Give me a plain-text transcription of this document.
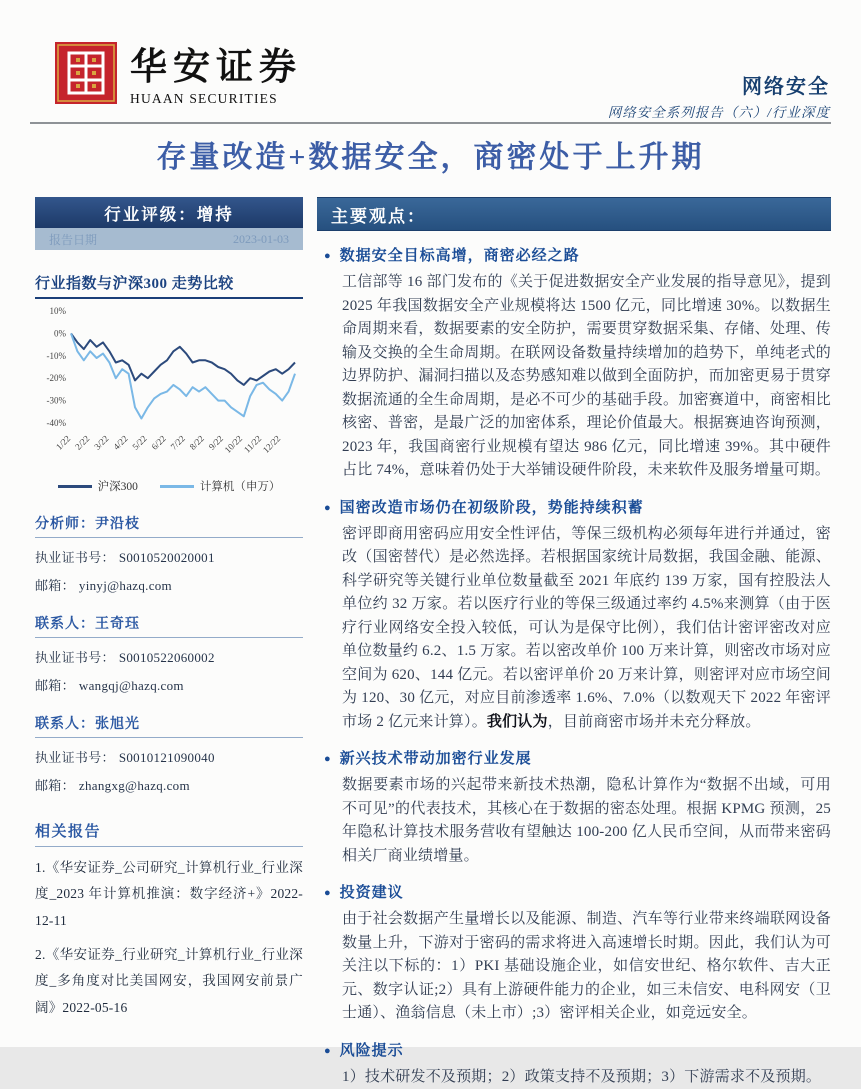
华安证券
HUAAN SECURITIES
网络安全
网络安全系列报告（六）/行业深度
存量改造+数据安全，商密处于上升期
行业评级： 增持
报告日期	2023-01-03
行业指数与沪深300 走势比较
10%
0%
-10%
-20%
-30%
-40%
1/22 2/22 3/22 4/22 5/22 6/22 7/22 8/22 9/22
10/22
11/22
12/22
沪深300	计算机（申万）
分析师：尹沿枝
执业证书号： S0010520020001
邮箱： yinyj@hazq.com
联系人：王奇珏
执业证书号： S0010522060002
邮箱： wangqj@hazq.com
联系人：张旭光
执业证书号： S0010121090040
邮箱： zhangxg@hazq.com
相关报告
1.《华安证券_公司研究_计算机行业_行业深度_2023 年计算机推演：数字经济+》2022-12-11
2.《华安证券_行业研究_计算机行业_行业深度_多角度对比美国网安，我国网安前景广阔》2022-05-16
主要观点：
● 数据安全目标高增，商密必经之路

工信部等 16 部门发布的《关于促进数据安全产业发展的指导意见》，提到 2025 年我国数据安全产业规模将达 1500 亿元，同比增速 30%。以数据生命周期来看，数据要素的安全防护，需要贯穿数据采集、存储、处理、传输及交换的全生命周期。在联网设备数量持续增加的趋势下，单纯老式的边界防护、漏洞扫描以及态势感知难以做到全面防护，而加密更易于贯穿数据流通的全生命周期，是必不可少的基础手段。加密赛道中，商密相比核密、普密，是最广泛的加密体系，理论价值最大。根据赛迪咨询预测，2023 年，我国商密行业规模有望达 986 亿元，同比增速 39%。其中硬件占比 74%，意味着仍处于大举铺设硬件阶段，未来软件及服务增量可期。

● 国密改造市场仍在初级阶段，势能持续积蓄

密评即商用密码应用安全性评估，等保三级机构必须每年进行并通过，密改（国密替代）是必然选择。若根据国家统计局数据，我国金融、能源、科学研究等关键行业单位数量截至 2021 年底约 139 万家，国有控股法人单位约 32 万家。若以医疗行业的等保三级通过率约 4.5%来测算（由于医疗行业网络安全投入较低，可认为是保守比例），我们估计密评密改对应单位数量约 6.2、1.5 万家。若以密改单价 100 万来计算，则密改市场对应空间为 620、144 亿元。若以密评单价 20 万来计算，则密评对应市场空间为 120、30 亿元，对应目前渗透率 1.6%、7.0%（以数观天下 2022 年密评市场 2 亿元来计算）。我们认为，目前商密市场并未充分释放。

● 新兴技术带动加密行业发展

数据要素市场的兴起带来新技术热潮，隐私计算作为“数据不出域，可用不可见”的代表技术，其核心在于数据的密态处理。根据 KPMG 预测，25 年隐私计算技术服务营收有望触达 100-200 亿人民币空间，从而带来密码相关厂商业绩增量。

● 投资建议

由于社会数据产生量增长以及能源、制造、汽车等行业带来终端联网设备数量上升，下游对于密码的需求将进入高速增长时期。因此，我们认为可关注以下标的：1）PKI 基础设施企业，如信安世纪、格尔软件、吉大正元、数字认证;2）具有上游硬件能力的企业，如三未信安、电科网安（卫士通）、渔翁信息（未上市）;3）密评相关企业，如竞远安全。

● 风险提示

1）技术研发不及预期；2）政策支持不及预期；3）下游需求不及预期。
